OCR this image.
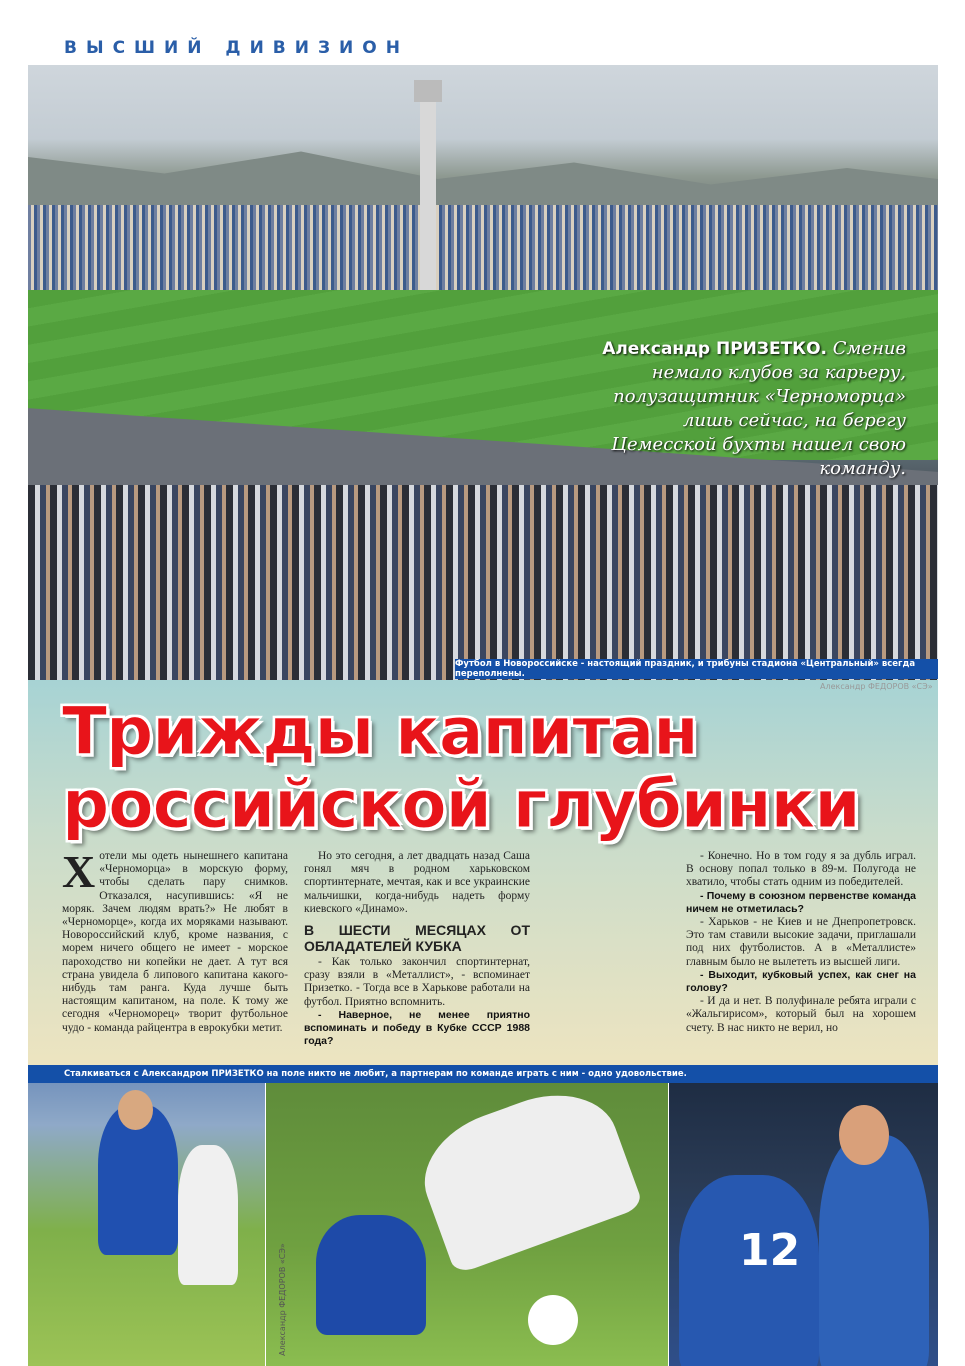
ВЫСШИЙ ДИВИЗИОН
Александр ПРИЗЕТКО. Сменив немало клубов за карьеру, полузащитник «Черноморца» лишь сейчас, на берегу Цемесской бухты нашел свою команду.
Футбол в Новороссийске - настоящий праздник, и трибуны стадиона «Центральный» всегда переполнены.
Александр ФЕДОРОВ «СЭ»
Трижды капитан
российской глубинки

Хотели мы одеть нынешнего капитана «Черноморца» в морскую форму, чтобы сделать пару снимков. Отказался, насупившись: «Я не моряк. Зачем людям врать?» Не любят в «Черноморце», когда их моряками называют. Новороссийский клуб, кроме названия, с морем ничего общего не имеет - морское пароходство ни копейки не дает. А тут вся страна увидела б липового капитана какого-нибудь там ранга. Куда лучше быть настоящим капитаном, на поле. К тому же сегодня «Черноморец» творит футбольное чудо - команда райцентра в еврокубки метит.

Но это сегодня, а лет двадцать назад Саша гонял мяч в родном харьковском спортинтернате, мечтая, как и все украинские мальчишки, когда-нибудь надеть форму киевского «Динамо».

В ШЕСТИ МЕСЯЦАХ ОТ ОБЛАДАТЕЛЕЙ КУБКА

- Как только закончил спортинтернат, сразу взяли в «Металлист», - вспоминает Призетко. - Тогда все в Харькове работали на футбол. Приятно вспомнить.

- Наверное, не менее приятно вспоминать и победу в Кубке СССР 1988 года?

- Конечно. Но в том году я за дубль играл. В основу попал только в 89-м. Полугода не хватило, чтобы стать одним из победителей.

- Почему в союзном первенстве команда ничем не отметилась?

- Харьков - не Киев и не Днепропетровск. Это там ставили высокие задачи, приглашали под них футболистов. А в «Металлисте» главным было не вылететь из высшей лиги.

- Выходит, кубковый успех, как снег на голову?

- И да и нет. В полуфинале ребята играли с «Жальгирисом», который был на хорошем счету. В нас никто не верил, но

Александр ФЕДОРОВ «СЭ»	12
Сталкиваться с Александром ПРИЗЕТКО на поле никто не любит, а партнерам по команде играть с ним - одно удовольствие.
